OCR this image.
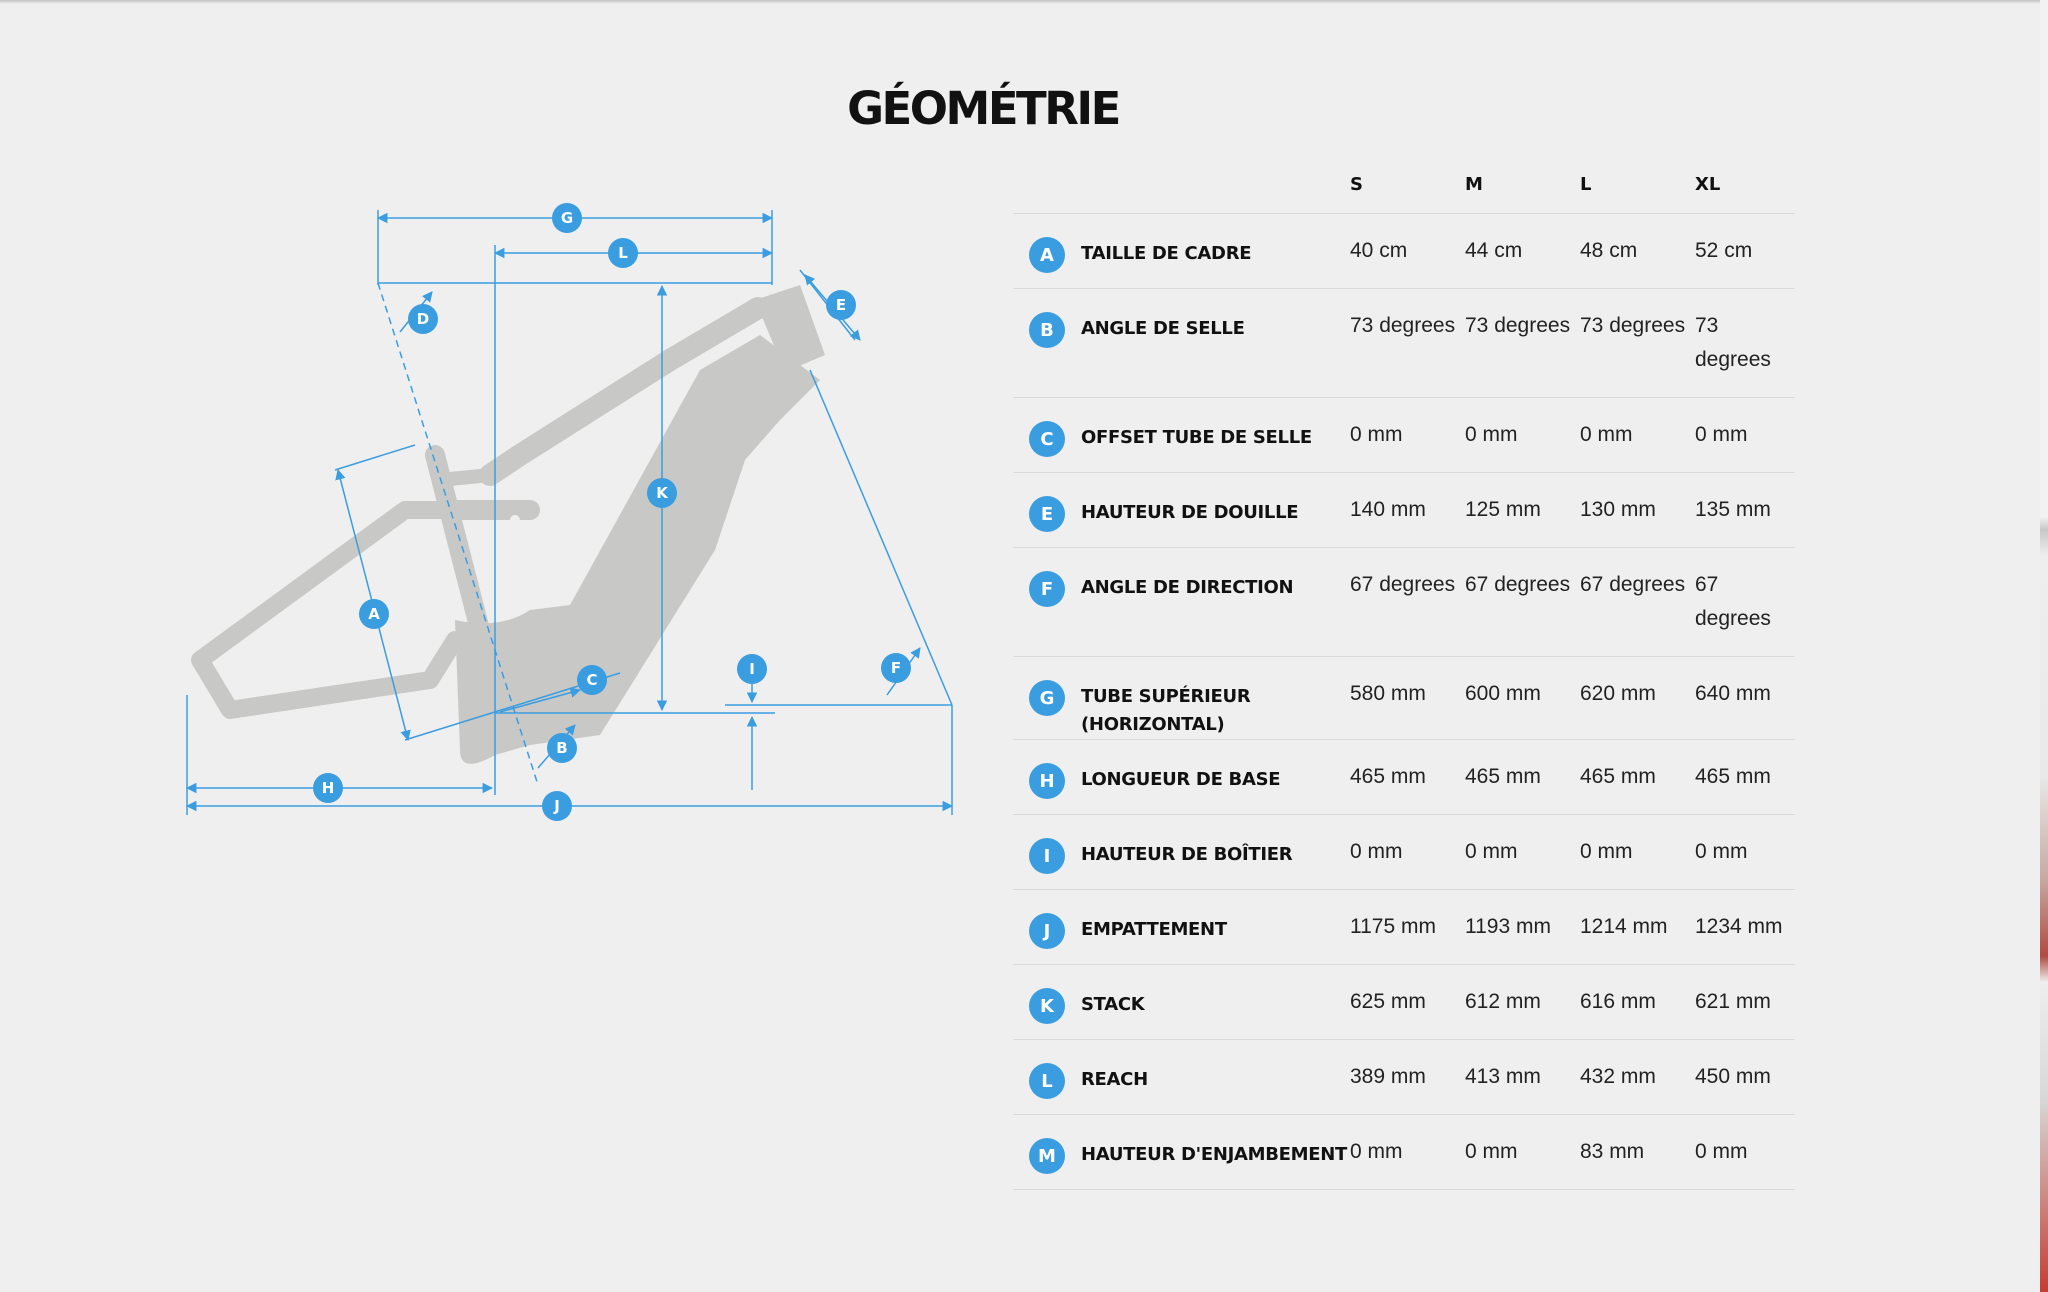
GÉOMÉTRIE
G
L
D
E
K
A
C
I	F
B
H
J
	S	M	L	XL

A TAILLE DE CADRE	40 cm	44 cm	48 cm	52 cm

B ANGLE DE SELLE	73 degrees	73 degrees	73 degrees	73 degrees

C OFFSET TUBE DE SELLE	0 mm	0 mm	0 mm	0 mm

E HAUTEUR DE DOUILLE	140 mm	125 mm	130 mm	135 mm

F ANGLE DE DIRECTION	67 degrees	67 degrees	67 degrees	67 degrees

G TUBE SUPÉRIEUR (HORIZONTAL)	580 mm	600 mm	620 mm	640 mm

H LONGUEUR DE BASE	465 mm	465 mm	465 mm	465 mm

I HAUTEUR DE BOÎTIER	0 mm	0 mm	0 mm	0 mm

J EMPATTEMENT	1175 mm	1193 mm	1214 mm	1234 mm

K STACK	625 mm	612 mm	616 mm	621 mm

L REACH	389 mm	413 mm	432 mm	450 mm

M HAUTEUR D'ENJAMBEMENT	0 mm	0 mm	83 mm	0 mm
